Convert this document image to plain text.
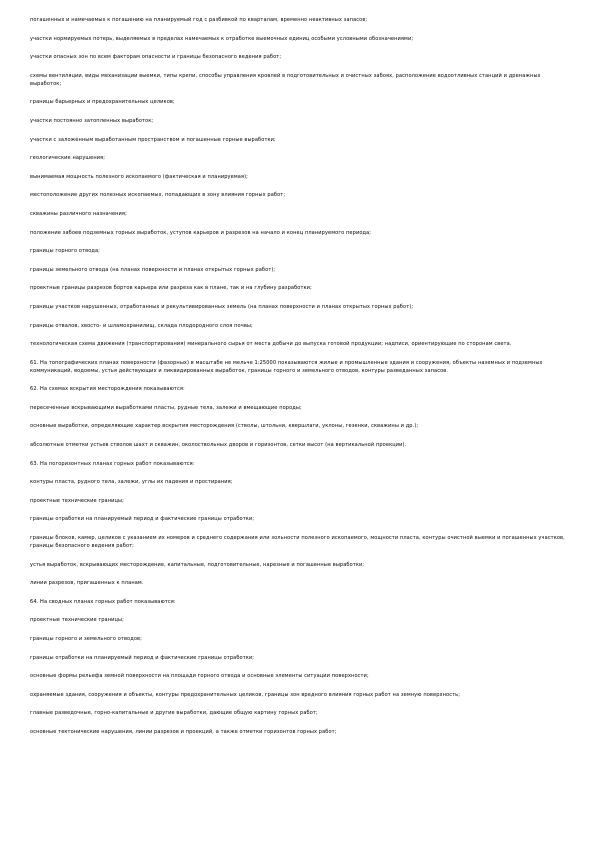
погашенных и намечаемых к погашению на планируемый год с разбивкой по кварталам, временно неактивных запасов;

участки нормируемых потерь, выделяемых в пределах намечаемых к отработке выемочных единиц особыми условными обозначениями;

участки опасных зон по всем факторам опасности и границы безопасного ведения работ;

схемы вентиляции, виды механизации выемки, типы крепи, способы управления кровлей в подготовительных и очистных забоях, расположение водоотливных станций и дренажных выработок;

границы барьерных и предохранительных целиков;

участки постоянно затопленных выработок;

участки с заложенным выработанным пространством и погашенные горные выработки;

геологические нарушения;

вынимаемая мощность полезного ископаемого (фактическая и планируемая);

местоположение других полезных ископаемых, попадающих в зону влияния горных работ;

скважины различного назначения;

положение забоев подземных горных выработок, уступов карьеров и разрезов на начало и конец планируемого периода;

границы горного отвода;

границы земельного отвода (на планах поверхности и планах открытых горных работ);

проектные границы разрезов бортов карьера или разреза как в плане, так и на глубину разработки;

границы участков нарушенных, отработанных и рекультивированных земель (на планах поверхности и планах открытых горных работ);

границы отвалов, хвосто- и шламохранилищ, склада плодородного слоя почвы;

технологическая схема движения (транспортирования) минерального сырья от места добычи до выпуска готовой продукции; надписи, ориентирующие по сторонам света.

61. На топографических планах поверхности (фазорных) в масштабе не мельче 1:25000 показываются жилые и промышленные здания и сооружения, объекты наземных и подземных коммуникаций, водоемы, устья действующих и ликвидированных выработок, границы горного и земельного отводов, контуры разведанных запасов.

62. На схемах вскрытия месторождения показываются:

пересеченные вскрывающими выработками пласты, рудные тела, залежи и вмещающие породы;

основные выработки, определяющие характер вскрытия месторождения (стволы, штольни, квершлаги, уклоны, гезенки, скважины и др.);

абсолютные отметки устьев стволов шахт и скважин, околоствольных дворов и горизонтов, сетки высот (на вертикальной проекции).

63. На погоризонтных планах горных работ показываются:

контуры пласта, рудного тела, залежи, углы их падения и простирания;

проектные технические границы;

границы отработки на планируемый период и фактические границы отработки;

границы блоков, камер, целиков с указанием их номеров и среднего содержания или зольности полезного ископаемого, мощности пласта, контуры очистной выемки и погашенных участков, границы безопасного ведения работ;

устья выработок, вскрывающих месторождение, капитальные, подготовительные, нарезные и погашенные выработки;

линии разрезов, пригашенных к планам.

64. На сводных планах горных работ показываются:

проектные технические границы;

границы горного и земельного отводов;

границы отработки на планируемый период и фактические границы отработки;

основные формы рельефа земной поверхности на площади горного отвода и основные элементы ситуации поверхности;

охраняемые здания, сооружения и объекты, контуры предохранительных целиков, границы зон вредного влияния горных работ на земную поверхность;

главные разведочные, горно-капитальные и другие выработки, дающие общую картину горных работ;

основные тектонические нарушения, линии разрезов и проекций, а также отметки горизонтов горных работ;
